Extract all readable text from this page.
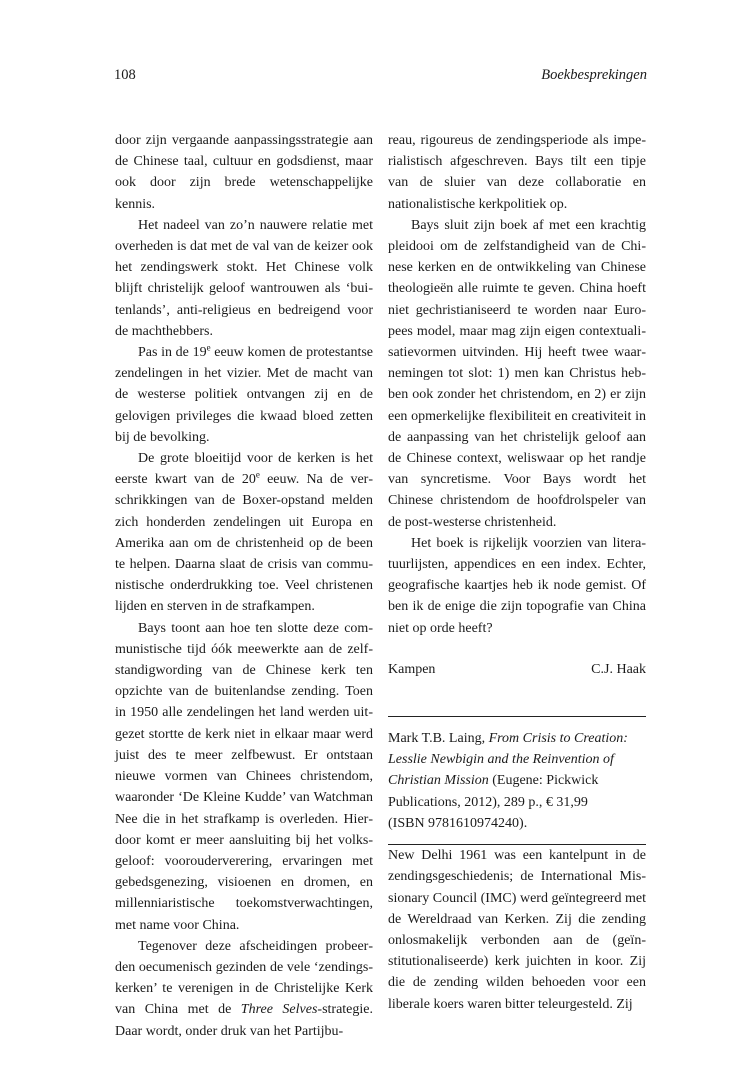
108	Boekbesprekingen

door zijn vergaande aanpassingsstrategie aan de Chinese taal, cultuur en godsdienst, maar ook door zijn brede wetenschappelijke kennis.

Het nadeel van zo’n nauwere relatie met overheden is dat met de val van de keizer ook het zendingswerk stokt. Het Chinese volk blijft christelijk geloof wantrouwen als ‘buitenlands’, anti-religieus en bedreigend voor de machthebbers.

Pas in de 19e eeuw komen de protestantse zendelingen in het vizier. Met de macht van de westerse politiek ontvangen zij en de gelovigen privileges die kwaad bloed zetten bij de bevolking.

De grote bloeitijd voor de kerken is het eerste kwart van de 20e eeuw. Na de verschrikkingen van de Boxer-opstand melden zich honderden zendelingen uit Europa en Amerika aan om de christenheid op de been te helpen. Daarna slaat de crisis van communistische onderdrukking toe. Veel christenen lijden en sterven in de strafkampen.

Bays toont aan hoe ten slotte deze communistische tijd óók meewerkte aan de zelfstandigwording van de Chinese kerk ten opzichte van de buitenlandse zending. Toen in 1950 alle zendelingen het land werden uitgezet stortte de kerk niet in elkaar maar werd juist des te meer zelfbewust. Er ontstaan nieuwe vormen van Chinees christendom, waaronder ‘De Kleine Kudde’ van Watchman Nee die in het strafkamp is overleden. Hierdoor komt er meer aansluiting bij het volksgeloof: voorouderverering, ervaringen met gebedsgenezing, visioenen en dromen, en millenniaristische toekomstverwachtingen, met name voor China.

Tegenover deze afscheidingen probeerden oecumenisch gezinden de vele ‘zendingskerken’ te verenigen in de Christelijke Kerk van China met de Three Selves-strategie. Daar wordt, onder druk van het Partijbu-

reau, rigoureus de zendingsperiode als imperialistisch afgeschreven. Bays tilt een tipje van de sluier van deze collaboratie en nationalistische kerkpolitiek op.

Bays sluit zijn boek af met een krachtig pleidooi om de zelfstandigheid van de Chinese kerken en de ontwikkeling van Chinese theologieën alle ruimte te geven. China hoeft niet gechristianiseerd te worden naar Europees model, maar mag zijn eigen contextualisatievormen uitvinden. Hij heeft twee waarnemingen tot slot: 1) men kan Christus hebben ook zonder het christendom, en 2) er zijn een opmerkelijke flexibiliteit en creativiteit in de aanpassing van het christelijk geloof aan de Chinese context, weliswaar op het randje van syncretisme. Voor Bays wordt het Chinese christendom de hoofdrolspeler van de post-westerse christenheid.

Het boek is rijkelijk voorzien van literatuurlijsten, appendices en een index. Echter, geografische kaartjes heb ik node gemist. Of ben ik de enige die zijn topografie van China niet op orde heeft?

Kampen	C.J. Haak

Mark T.B. Laing, From Crisis to Creation: Lesslie Newbigin and the Reinvention of Christian Mission (Eugene: Pickwick Publications, 2012), 289 p., € 31,99
(ISBN 9781610974240).

New Delhi 1961 was een kantelpunt in de zendingsgeschiedenis; de International Missionary Council (IMC) werd geïntegreerd met de Wereldraad van Kerken. Zij die zending onlosmakelijk verbonden aan de (geïnstitutionaliseerde) kerk juichten in koor. Zij die de zending wilden behoeden voor een liberale koers waren bitter teleurgesteld. Zij
